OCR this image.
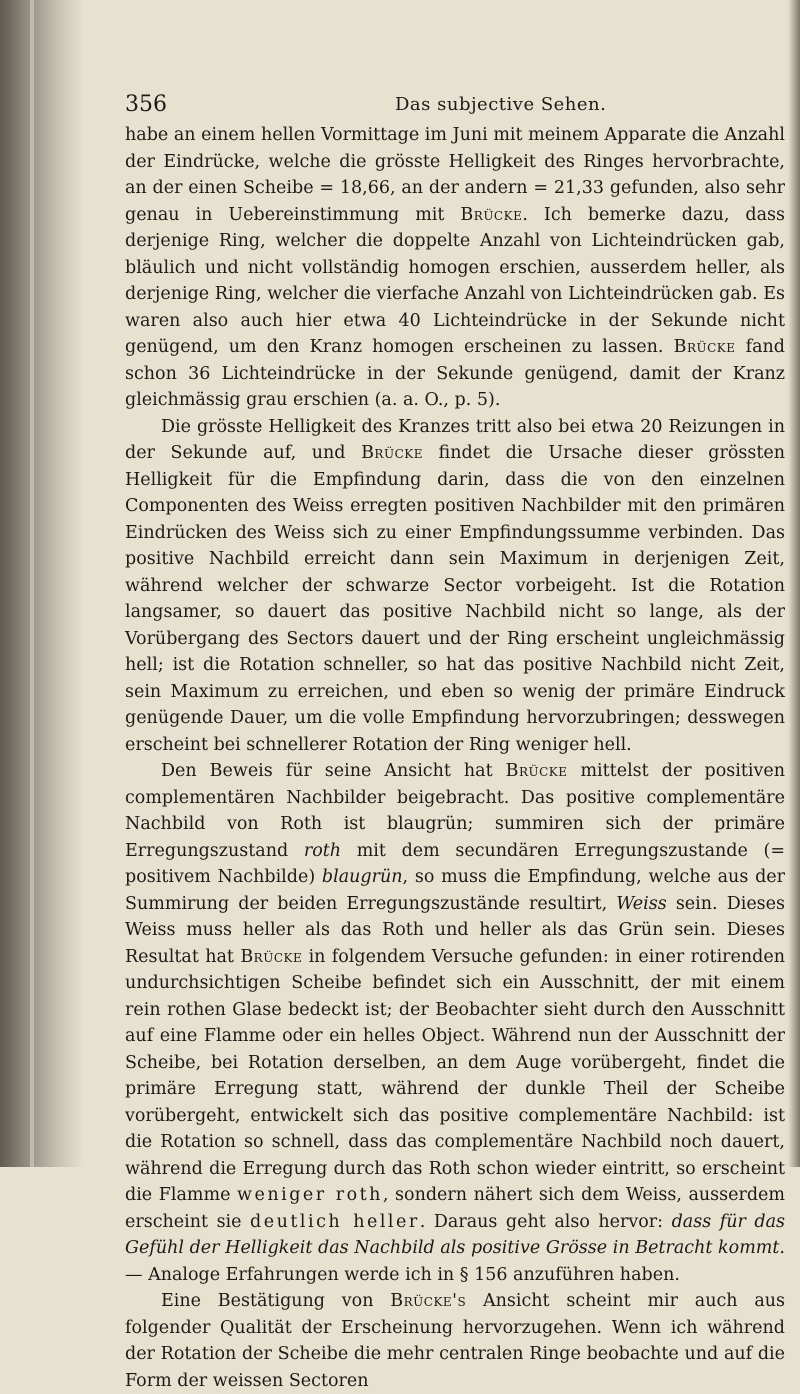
356	Das subjective Sehen.

habe an einem hellen Vormittage im Juni mit meinem Apparate die Anzahl der Eindrücke, welche die grösste Helligkeit des Ringes hervorbrachte, an der einen Scheibe = 18,66, an der andern = 21,33 gefunden, also sehr genau in Uebereinstimmung mit Brücke. Ich bemerke dazu, dass derjenige Ring, welcher die doppelte Anzahl von Lichteindrücken gab, bläulich und nicht vollständig homogen erschien, ausserdem heller, als derjenige Ring, welcher die vierfache Anzahl von Lichteindrücken gab. Es waren also auch hier etwa 40 Lichteindrücke in der Sekunde nicht genügend, um den Kranz homogen erscheinen zu lassen. Brücke fand schon 36 Lichteindrücke in der Sekunde genügend, damit der Kranz gleichmässig grau erschien (a. a. O., p. 5).

Die grösste Helligkeit des Kranzes tritt also bei etwa 20 Reizungen in der Sekunde auf, und Brücke findet die Ursache dieser grössten Helligkeit für die Empfindung darin, dass die von den einzelnen Componenten des Weiss erregten positiven Nachbilder mit den primären Eindrücken des Weiss sich zu einer Empfindungssumme verbinden. Das positive Nachbild erreicht dann sein Maximum in derjenigen Zeit, während welcher der schwarze Sector vorbeigeht. Ist die Rotation langsamer, so dauert das positive Nachbild nicht so lange, als der Vorübergang des Sectors dauert und der Ring erscheint ungleichmässig hell; ist die Rotation schneller, so hat das positive Nachbild nicht Zeit, sein Maximum zu erreichen, und eben so wenig der primäre Eindruck genügende Dauer, um die volle Empfindung hervorzubringen; desswegen erscheint bei schnellerer Rotation der Ring weniger hell.

Den Beweis für seine Ansicht hat Brücke mittelst der positiven complementären Nachbilder beigebracht. Das positive complementäre Nachbild von Roth ist blaugrün; summiren sich der primäre Erregungszustand roth mit dem secundären Erregungszustande (= positivem Nachbilde) blaugrün, so muss die Empfindung, welche aus der Summirung der beiden Erregungszustände resultirt, Weiss sein. Dieses Weiss muss heller als das Roth und heller als das Grün sein. Dieses Resultat hat Brücke in folgendem Versuche gefunden: in einer rotirenden undurchsichtigen Scheibe befindet sich ein Ausschnitt, der mit einem rein rothen Glase bedeckt ist; der Beobachter sieht durch den Ausschnitt auf eine Flamme oder ein helles Object. Während nun der Ausschnitt der Scheibe, bei Rotation derselben, an dem Auge vorübergeht, findet die primäre Erregung statt, während der dunkle Theil der Scheibe vorübergeht, entwickelt sich das positive complementäre Nachbild: ist die Rotation so schnell, dass das complementäre Nachbild noch dauert, während die Erregung durch das Roth schon wieder eintritt, so erscheint die Flamme weniger roth, sondern nähert sich dem Weiss, ausserdem erscheint sie deutlich heller. Daraus geht also hervor: dass für das Gefühl der Helligkeit das Nachbild als positive Grösse in Betracht kommt. — Analoge Erfahrungen werde ich in § 156 anzuführen haben.

Eine Bestätigung von Brücke's Ansicht scheint mir auch aus folgender Qualität der Erscheinung hervorzugehen. Wenn ich während der Rotation der Scheibe die mehr centralen Ringe beobachte und auf die Form der weissen Sectoren
